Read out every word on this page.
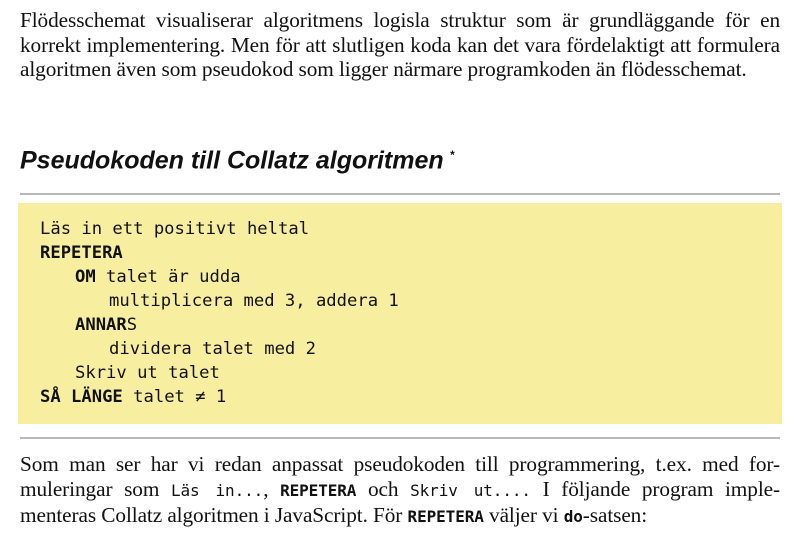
Flödesschemat visualiserar algoritmens logisla struktur som är grundläggande för en korrekt implementering. Men för att slutligen koda kan det vara fördelaktigt att formulera algoritmen även som pseudokod som ligger närmare programkoden än flödesschemat.

Pseudokoden till Collatz algoritmen *
Läs in ett positivt heltal
REPETERA
OM talet är udda
multiplicera med 3, addera 1
ANNARS
dividera talet med 2
Skriv ut talet
SÅ LÄNGE talet ≠ 1

Som man ser har vi redan anpassat pseudokoden till programmering, t.ex. med for-
muleringar som Läs in..., REPETERA och Skriv ut.... I följande program imple-
menteras Collatz algoritmen i JavaScript. För REPETERA väljer vi do-satsen:
